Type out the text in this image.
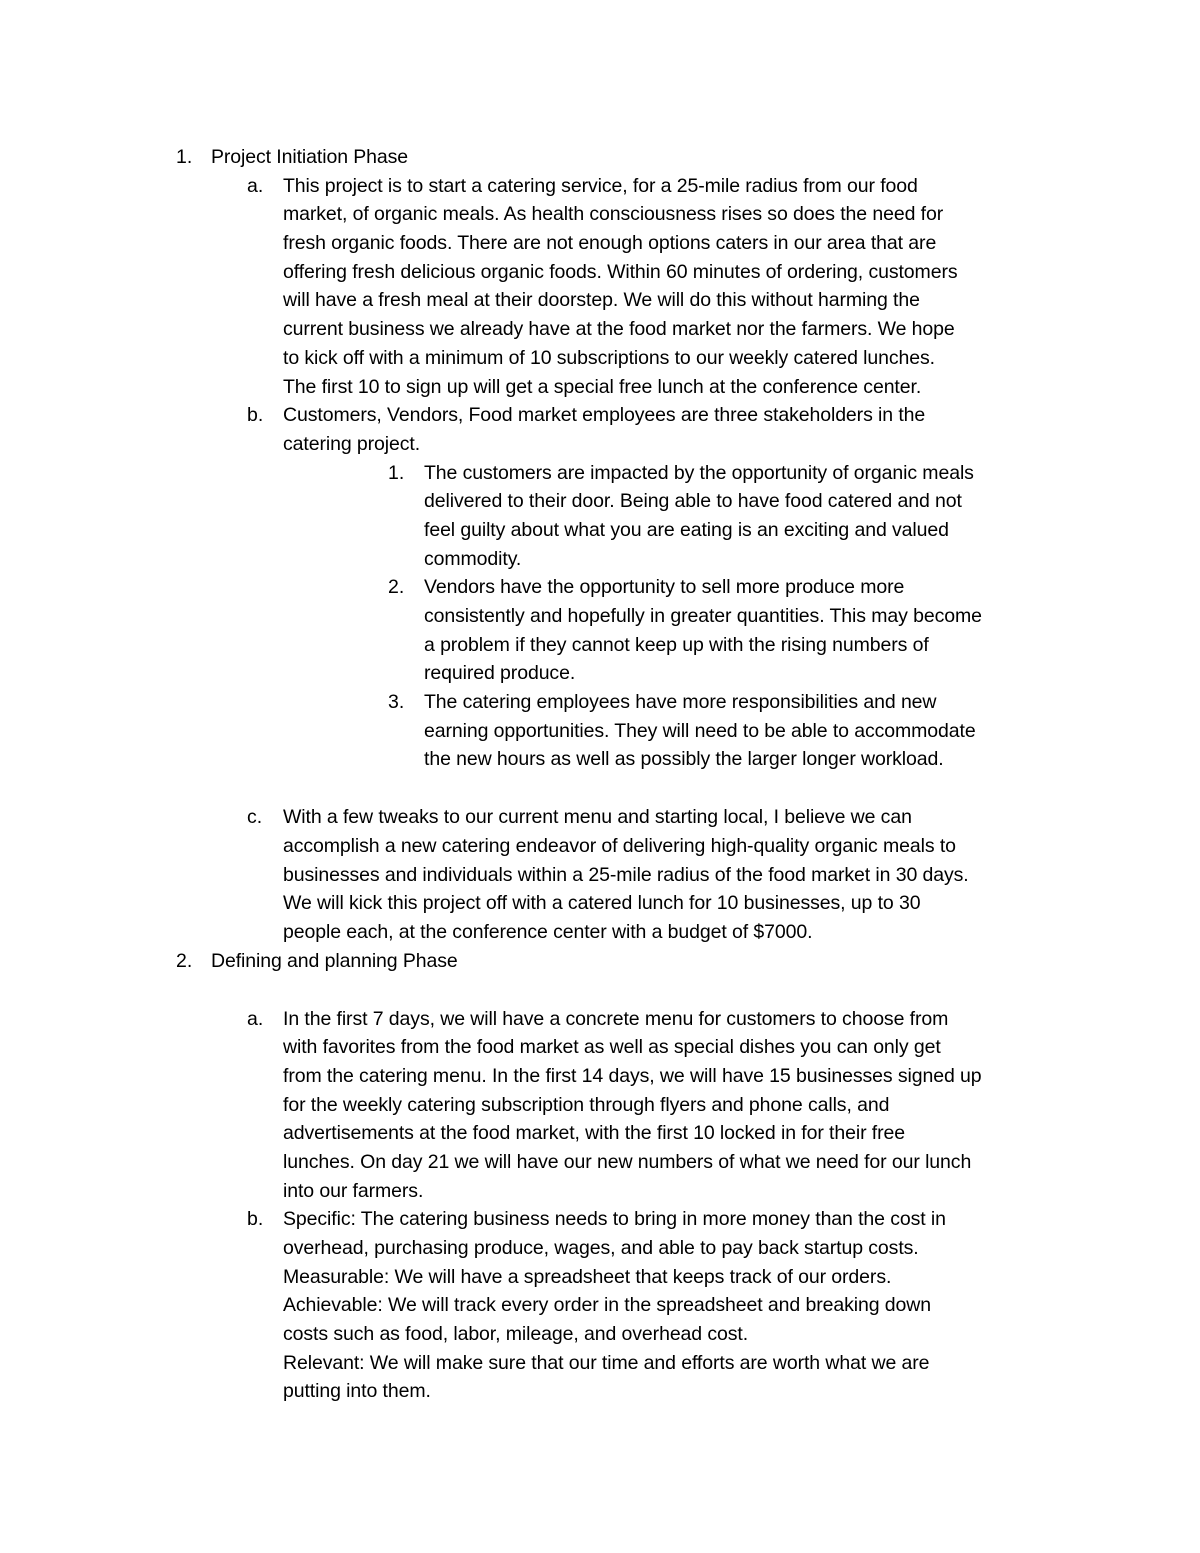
1. Project Initiation Phase
a. This project is to start a catering service, for a 25-mile radius from our food
market, of organic meals. As health consciousness rises so does the need for
fresh organic foods. There are not enough options caters in our area that are
offering fresh delicious organic foods. Within 60 minutes of ordering, customers
will have a fresh meal at their doorstep. We will do this without harming the
current business we already have at the food market nor the farmers. We hope
to kick off with a minimum of 10 subscriptions to our weekly catered lunches.
The first 10 to sign up will get a special free lunch at the conference center.
b. Customers, Vendors, Food market employees are three stakeholders in the
catering project.
1. The customers are impacted by the opportunity of organic meals
delivered to their door. Being able to have food catered and not
feel guilty about what you are eating is an exciting and valued
commodity.
2. Vendors have the opportunity to sell more produce more
consistently and hopefully in greater quantities. This may become
a problem if they cannot keep up with the rising numbers of
required produce.
3. The catering employees have more responsibilities and new
earning opportunities. They will need to be able to accommodate
the new hours as well as possibly the larger longer workload.
c. With a few tweaks to our current menu and starting local, I believe we can
accomplish a new catering endeavor of delivering high-quality organic meals to
businesses and individuals within a 25-mile radius of the food market in 30 days.
We will kick this project off with a catered lunch for 10 businesses, up to 30
people each, at the conference center with a budget of $7000.
2. Defining and planning Phase
a. In the first 7 days, we will have a concrete menu for customers to choose from
with favorites from the food market as well as special dishes you can only get
from the catering menu. In the first 14 days, we will have 15 businesses signed up
for the weekly catering subscription through flyers and phone calls, and
advertisements at the food market, with the first 10 locked in for their free
lunches. On day 21 we will have our new numbers of what we need for our lunch
into our farmers.
b. Specific: The catering business needs to bring in more money than the cost in
overhead, purchasing produce, wages, and able to pay back startup costs.
Measurable: We will have a spreadsheet that keeps track of our orders.
Achievable: We will track every order in the spreadsheet and breaking down
costs such as food, labor, mileage, and overhead cost.
Relevant: We will make sure that our time and efforts are worth what we are
putting into them.
